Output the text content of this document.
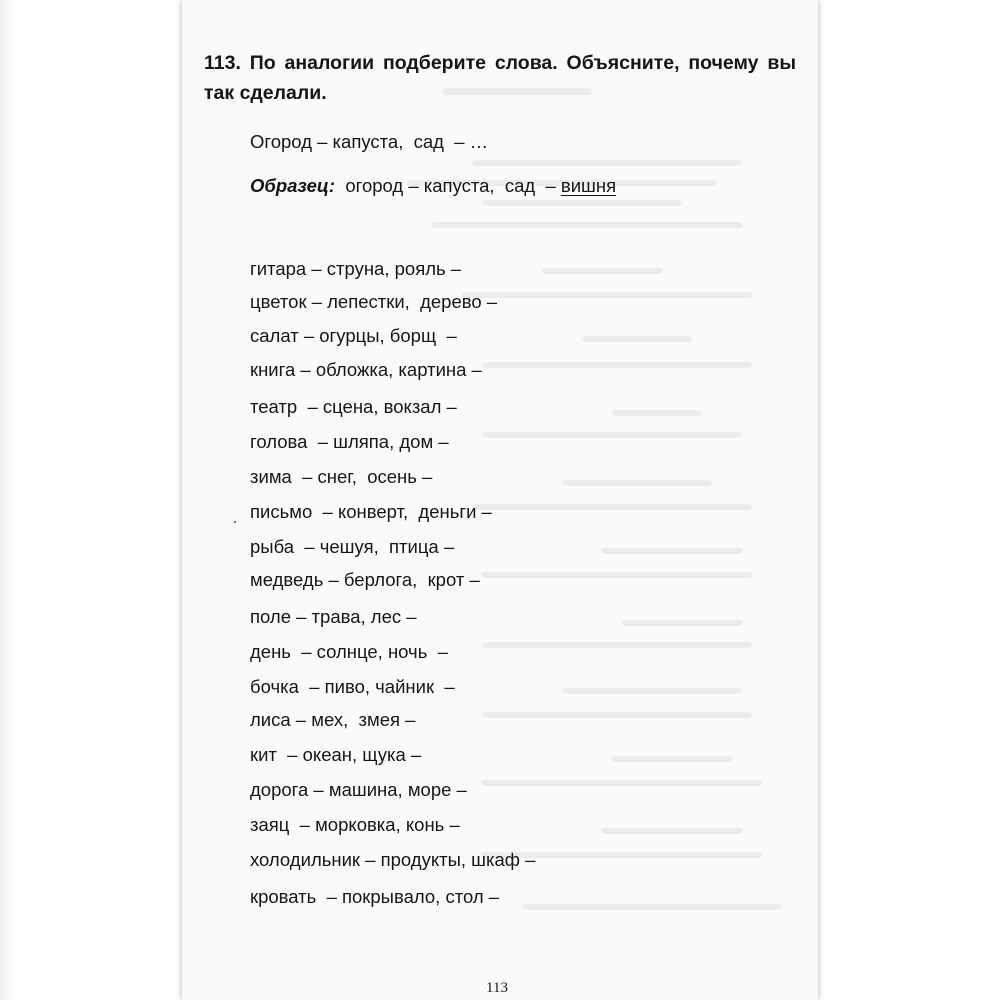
113. По аналогии подберите слова. Объясните, почему вы так сделали.

Огород – капуста,  сад  – …
Образец: огород – капуста,  сад  – вишня
гитара – струна, рояль –
цветок – лепестки,  дерево –
салат – огурцы, борщ  –
книга – обложка, картина –
театр  – сцена, вокзал –
голова  – шляпа, дом –
зима  – снег,  осень –
письмо  – конверт,  деньги –
рыба  – чешуя,  птица –
медведь – берлога,  крот –
поле – трава, лес –
день  – солнце, ночь  –
бочка  – пиво, чайник  –
лиса – мех,  змея –
кит  – океан, щука –
дорога – машина, море –
заяц  – морковка, конь –
холодильник – продукты, шкаф –
кровать  – покрывало, стол –
113
